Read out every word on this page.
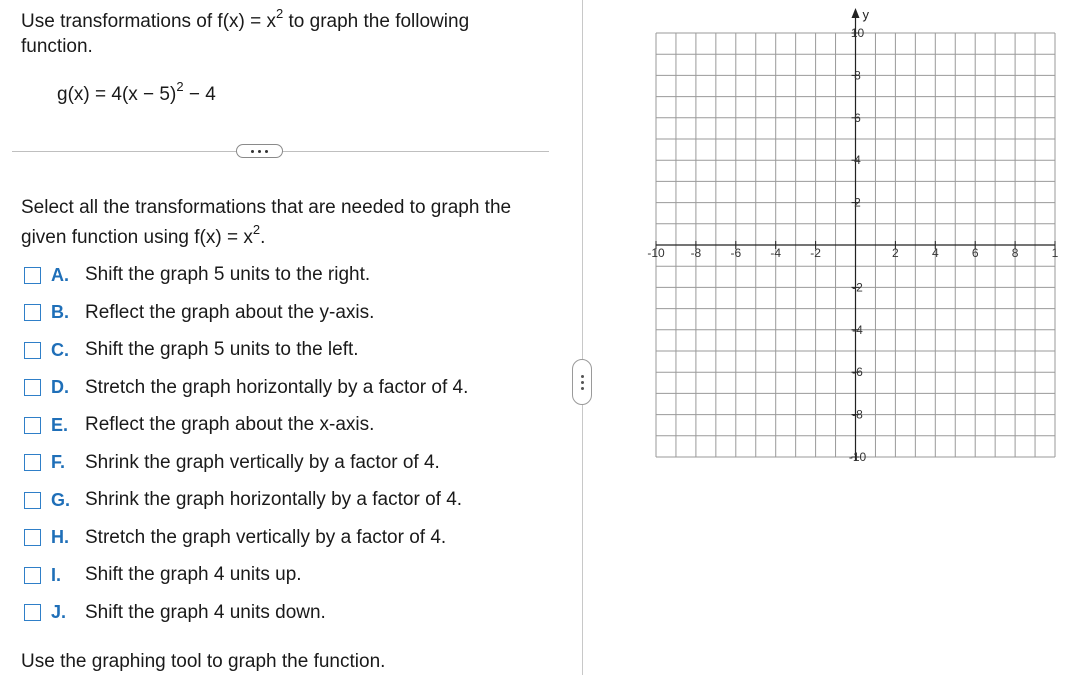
Use transformations of $f(x) = x^2$ to graph the following function.
$g(x) = 4(x - 5)^2 - 4$
Select all the transformations that are needed to graph the given function using $f(x) = x^2$.
A. Shift the graph 5 units to the right.
B. Reflect the graph about the y-axis.
C. Shift the graph 5 units to the left.
D. Stretch the graph horizontally by a factor of 4.
E. Reflect the graph about the x-axis.
F.	Shrink the graph vertically by a factor of 4.
G. Shrink the graph horizontally by a factor of 4.
H. Stretch the graph vertically by a factor of 4.
I.	Shift the graph 4 units up.
J. Shift the graph 4 units down.
Use the graphing tool to graph the function.
y
-10 -8 -6 -4 -2	2	4	6	8	1
10
8
6
4
2
-2
-4
-6
-8
-10
